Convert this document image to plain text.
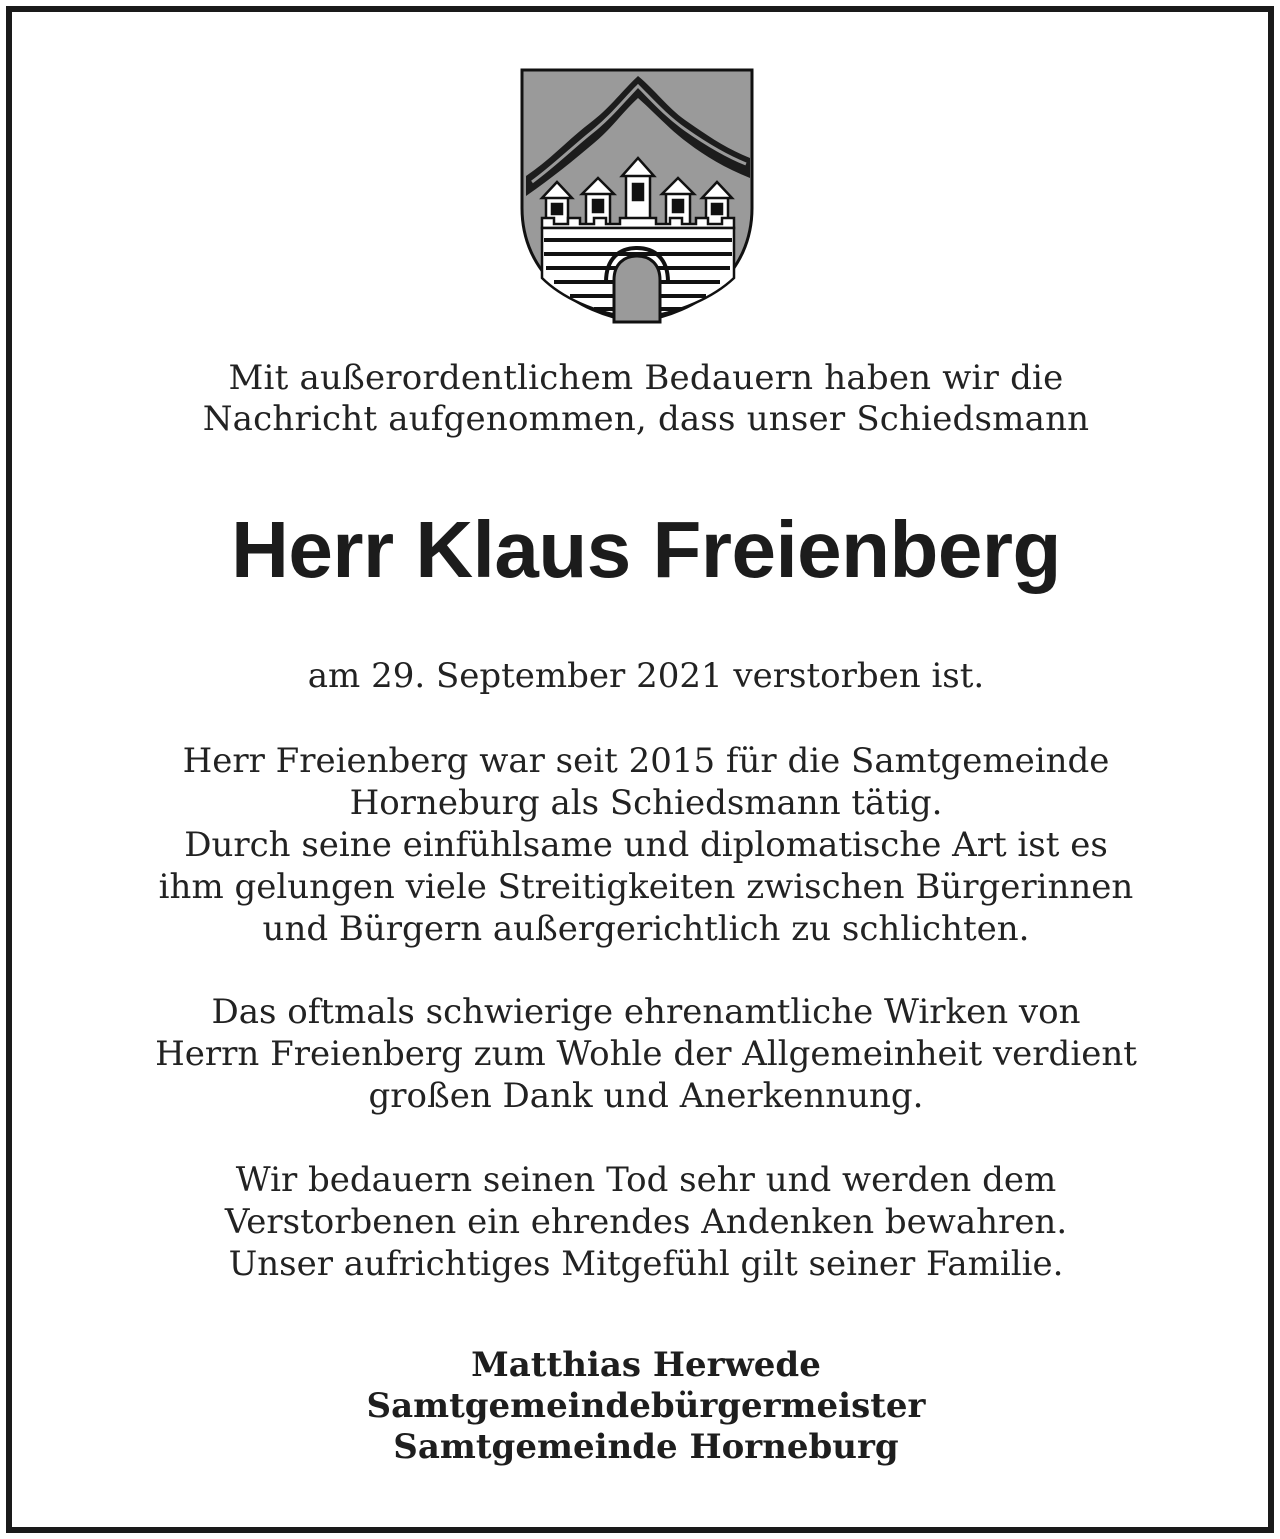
Mit außerordentlichem Bedauern haben wir die
Nachricht aufgenommen, dass unser Schiedsmann

Herr Klaus Freienberg

am 29. September 2021 verstorben ist.

Herr Freienberg war seit 2015 für die Samtgemeinde
Horneburg als Schiedsmann tätig.
Durch seine einfühlsame und diplomatische Art ist es
ihm gelungen viele Streitigkeiten zwischen Bürgerinnen
und Bürgern außergerichtlich zu schlichten.

Das oftmals schwierige ehrenamtliche Wirken von
Herrn Freienberg zum Wohle der Allgemeinheit verdient
großen Dank und Anerkennung.

Wir bedauern seinen Tod sehr und werden dem
Verstorbenen ein ehrendes Andenken bewahren.
Unser aufrichtiges Mitgefühl gilt seiner Familie.

Matthias Herwede
Samtgemeindebürgermeister
Samtgemeinde Horneburg
